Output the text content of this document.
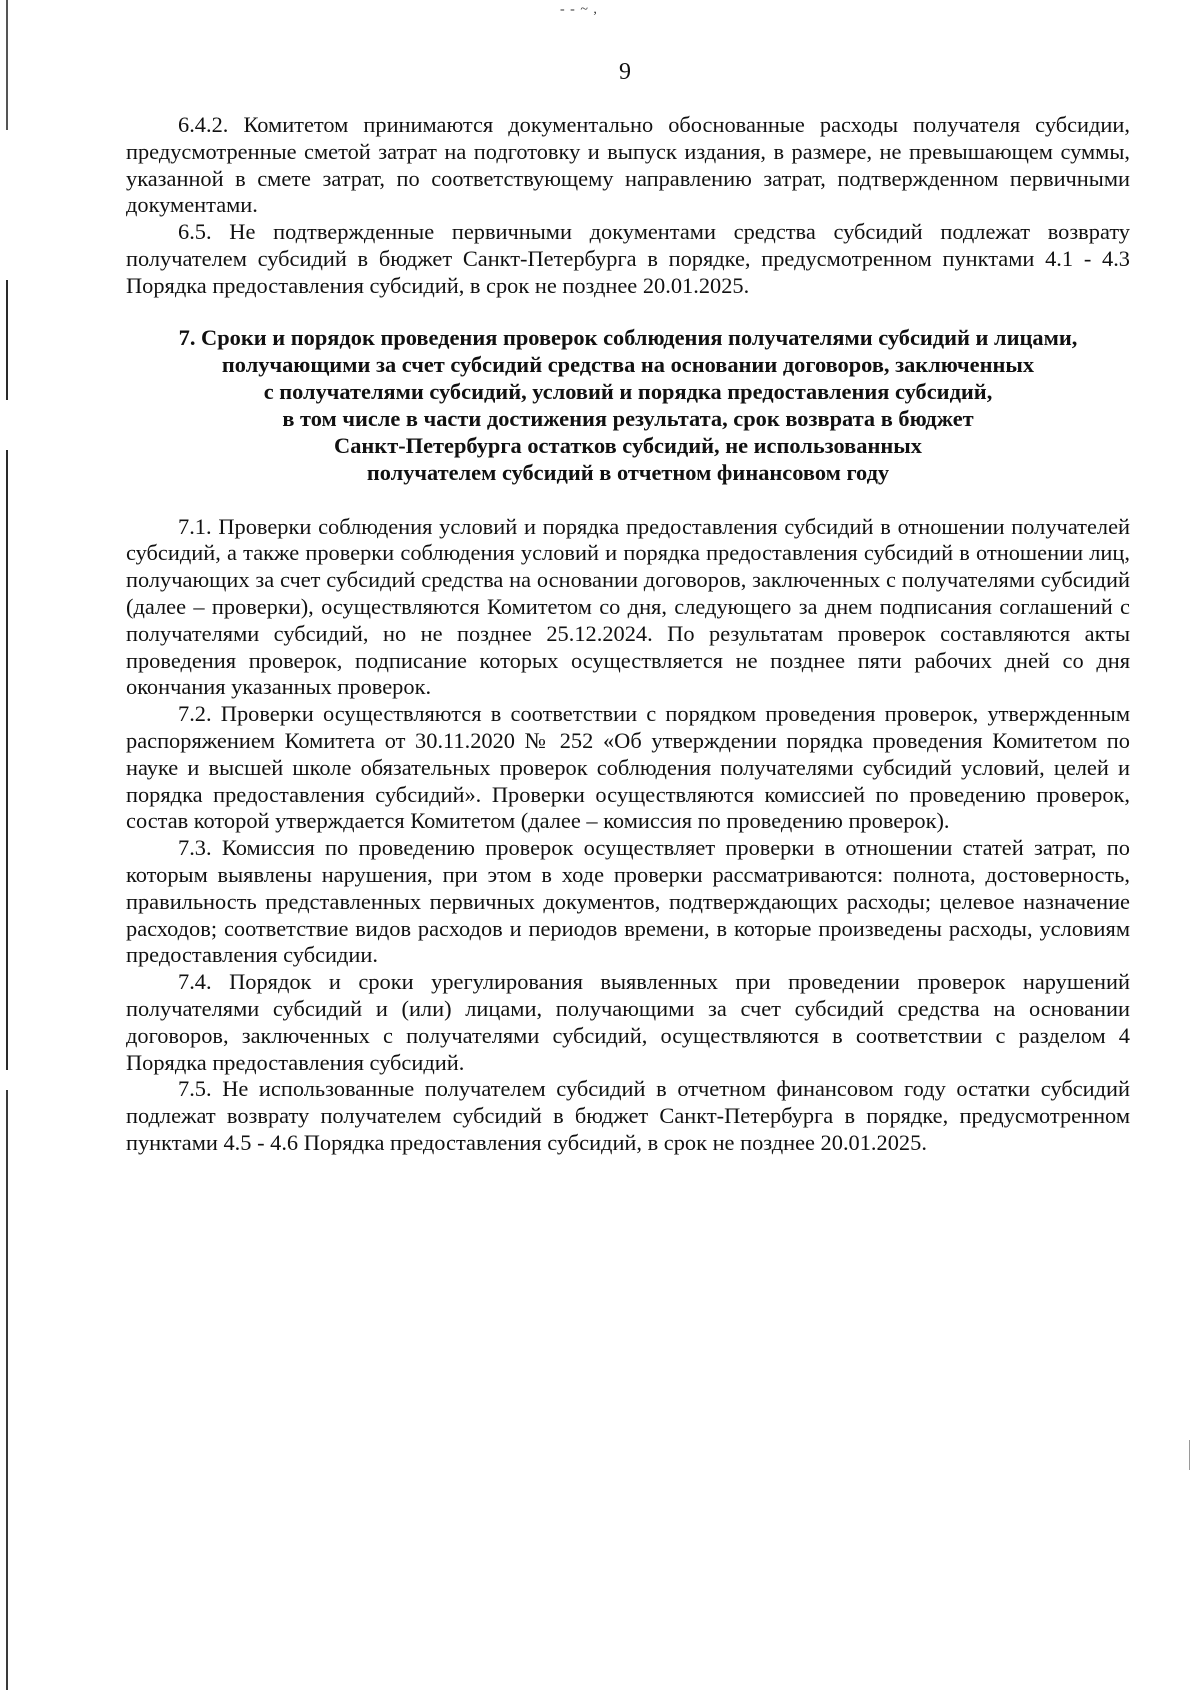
- - ~ ,
9

6.4.2. Комитетом принимаются документально обоснованные расходы получателя субсидии, предусмотренные сметой затрат на подготовку и выпуск издания, в размере, не превышающем суммы, указанной в смете затрат, по соответствующему направлению затрат, подтвержденном первичными документами.

6.5. Не подтвержденные первичными документами средства субсидий подлежат возврату получателем субсидий в бюджет Санкт-Петербурга в порядке, предусмотренном пунктами 4.1 - 4.3 Порядка предоставления субсидий, в срок не позднее 20.01.2025.

7. Сроки и порядок проведения проверок соблюдения получателями субсидий и лицами,
получающими за счет субсидий средства на основании договоров, заключенных
с получателями субсидий, условий и порядка предоставления субсидий,
в том числе в части достижения результата, срок возврата в бюджет
Санкт-Петербурга остатков субсидий, не использованных
получателем субсидий в отчетном финансовом году

7.1. Проверки соблюдения условий и порядка предоставления субсидий в отношении получателей субсидий, а также проверки соблюдения условий и порядка предоставления субсидий в отношении лиц, получающих за счет субсидий средства на основании договоров, заключенных с получателями субсидий (далее – проверки), осуществляются Комитетом со дня, следующего за днем подписания соглашений с получателями субсидий, но не позднее 25.12.2024. По результатам проверок составляются акты проведения проверок, подписание которых осуществляется не позднее пяти рабочих дней со дня окончания указанных проверок.

7.2. Проверки осуществляются в соответствии с порядком проведения проверок, утвержденным распоряжением Комитета от 30.11.2020 № 252 «Об утверждении порядка проведения Комитетом по науке и высшей школе обязательных проверок соблюдения получателями субсидий условий, целей и порядка предоставления субсидий». Проверки осуществляются комиссией по проведению проверок, состав которой утверждается Комитетом (далее – комиссия по проведению проверок).

7.3. Комиссия по проведению проверок осуществляет проверки в отношении статей затрат, по которым выявлены нарушения, при этом в ходе проверки рассматриваются: полнота, достоверность, правильность представленных первичных документов, подтверждающих расходы; целевое назначение расходов; соответствие видов расходов и периодов времени, в которые произведены расходы, условиям предоставления субсидии.

7.4. Порядок и сроки урегулирования выявленных при проведении проверок нарушений получателями субсидий и (или) лицами, получающими за счет субсидий средства на основании договоров, заключенных с получателями субсидий, осуществляются в соответствии с разделом 4 Порядка предоставления субсидий.

7.5. Не использованные получателем субсидий в отчетном финансовом году остатки субсидий подлежат возврату получателем субсидий в бюджет Санкт-Петербурга в порядке, предусмотренном пунктами 4.5 - 4.6 Порядка предоставления субсидий, в срок не позднее 20.01.2025.
